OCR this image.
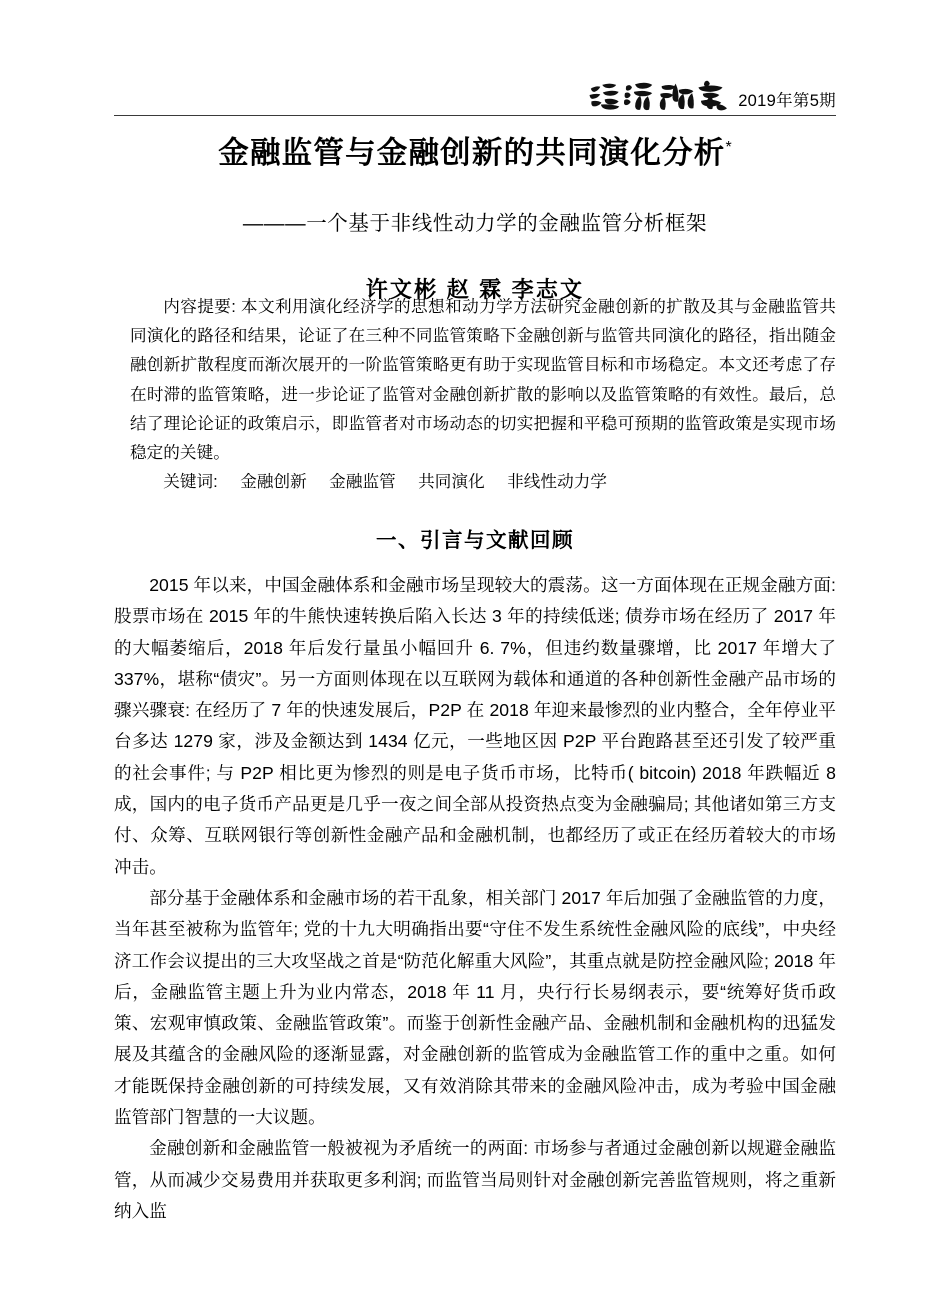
2019年第5期
金融监管与金融创新的共同演化分析*

———一个基于非线性动力学的金融监管分析框架

许文彬 赵 霖 李志文

内容提要: 本文利用演化经济学的思想和动力学方法研究金融创新的扩散及其与金融监管共同演化的路径和结果，论证了在三种不同监管策略下金融创新与监管共同演化的路径，指出随金融创新扩散程度而渐次展开的一阶监管策略更有助于实现监管目标和市场稳定。本文还考虑了存在时滞的监管策略，进一步论证了监管对金融创新扩散的影响以及监管策略的有效性。最后，总结了理论论证的政策启示，即监管者对市场动态的切实把握和平稳可预期的监管政策是实现市场稳定的关键。

关键词: 金融创新 金融监管 共同演化 非线性动力学

一、引言与文献回顾

2015 年以来，中国金融体系和金融市场呈现较大的震荡。这一方面体现在正规金融方面: 股票市场在 2015 年的牛熊快速转换后陷入长达 3 年的持续低迷; 债券市场在经历了 2017 年的大幅萎缩后，2018 年后发行量虽小幅回升 6. 7%，但违约数量骤增，比 2017 年增大了 337%，堪称“债灾”。另一方面则体现在以互联网为载体和通道的各种创新性金融产品市场的骤兴骤衰: 在经历了 7 年的快速发展后，P2P 在 2018 年迎来最惨烈的业内整合，全年停业平台多达 1279 家，涉及金额达到 1434 亿元，一些地区因 P2P 平台跑路甚至还引发了较严重的社会事件; 与 P2P 相比更为惨烈的则是电子货币市场，比特币( bitcoin) 2018 年跌幅近 8 成，国内的电子货币产品更是几乎一夜之间全部从投资热点变为金融骗局; 其他诸如第三方支付、众筹、互联网银行等创新性金融产品和金融机制，也都经历了或正在经历着较大的市场冲击。

部分基于金融体系和金融市场的若干乱象，相关部门 2017 年后加强了金融监管的力度，当年甚至被称为监管年; 党的十九大明确指出要“守住不发生系统性金融风险的底线”，中央经济工作会议提出的三大攻坚战之首是“防范化解重大风险”，其重点就是防控金融风险; 2018 年后，金融监管主题上升为业内常态，2018 年 11 月，央行行长易纲表示，要“统筹好货币政策、宏观审慎政策、金融监管政策”。而鉴于创新性金融产品、金融机制和金融机构的迅猛发展及其蕴含的金融风险的逐渐显露，对金融创新的监管成为金融监管工作的重中之重。如何才能既保持金融创新的可持续发展，又有效消除其带来的金融风险冲击，成为考验中国金融监管部门智慧的一大议题。

金融创新和金融监管一般被视为矛盾统一的两面: 市场参与者通过金融创新以规避金融监管，从而减少交易费用并获取更多利润; 而监管当局则针对金融创新完善监管规则，将之重新纳入监
